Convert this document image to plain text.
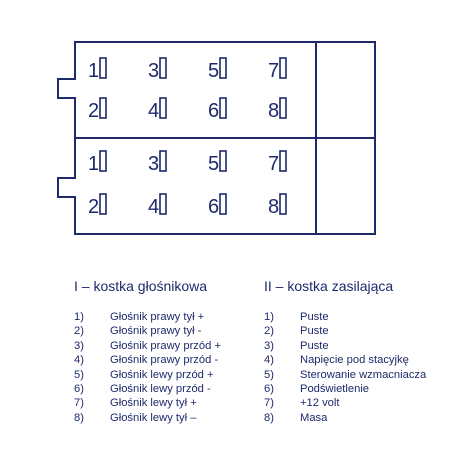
1 3 5 7
2 4 6 8
1 3 5 7
2 4 6 8
I – kostka głośnikowa
1) Głośnik prawy tył +
2) Głośnik prawy tył -
3) Głośnik prawy przód +
4) Głośnik prawy przód -
5) Głośnik lewy przód +
6) Głośnik lewy przód -
7) Głośnik lewy tył +
8) Głośnik lewy tył –
II – kostka zasilająca
1) Puste
2) Puste
3) Puste
4) Napięcie pod stacyjkę
5) Sterowanie wzmacniacza
6) Podświetlenie
7) +12 volt
8) Masa
